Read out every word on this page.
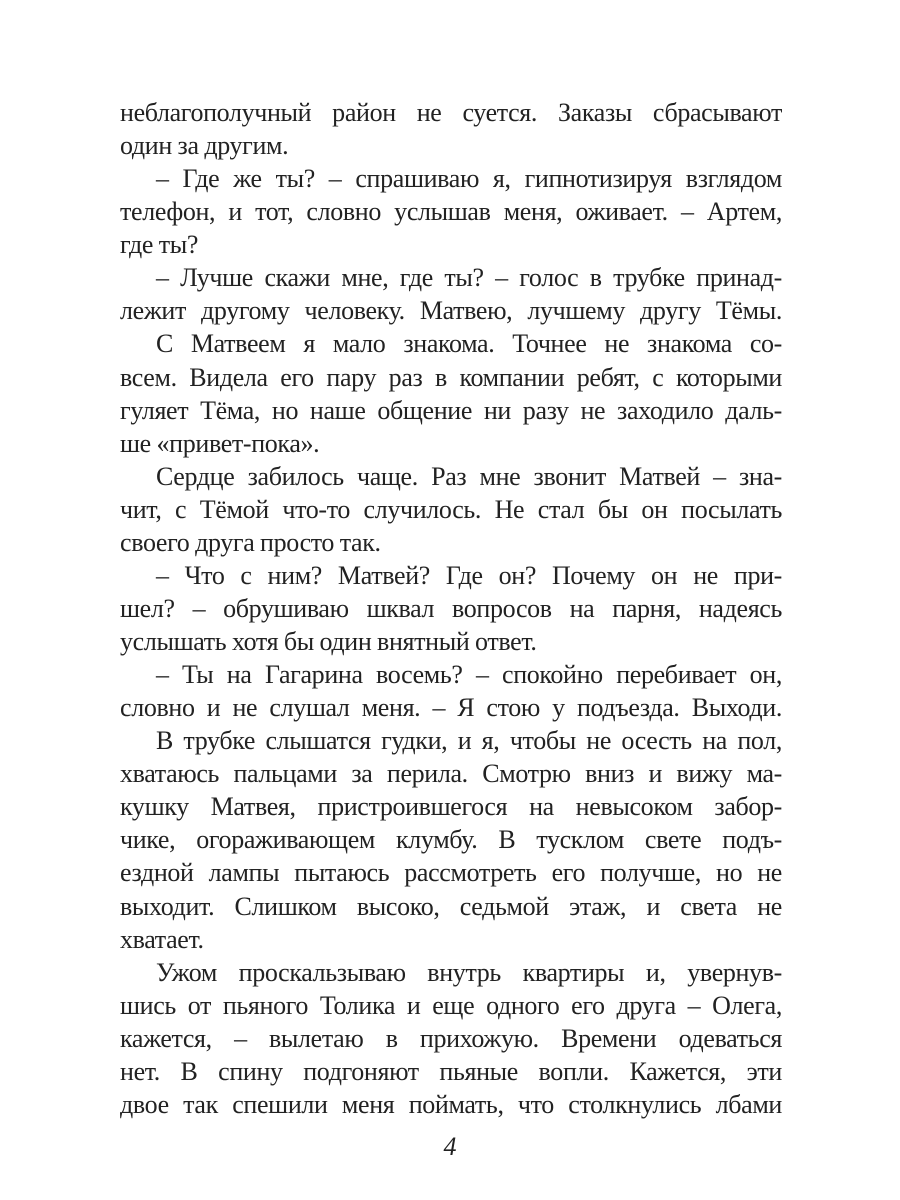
неблагополучный район не суется. Заказы сбрасывают
один за другим.
– Где же ты? – спрашиваю я, гипнотизируя взглядом
телефон, и тот, словно услышав меня, оживает. – Артем,
где ты?
– Лучше скажи мне, где ты? – голос в трубке принад-
лежит другому человеку. Матвею, лучшему другу Тёмы.
С Матвеем я мало знакома. Точнее не знакома со-
всем. Видела его пару раз в компании ребят, с которыми
гуляет Тёма, но наше общение ни разу не заходило даль-
ше «привет-пока».
Сердце забилось чаще. Раз мне звонит Матвей – зна-
чит, с Тёмой что-то случилось. Не стал бы он посылать
своего друга просто так.
– Что с ним? Матвей? Где он? Почему он не при-
шел? – обрушиваю шквал вопросов на парня, надеясь
услышать хотя бы один внятный ответ.
– Ты на Гагарина восемь? – спокойно перебивает он,
словно и не слушал меня. – Я стою у подъезда. Выходи.
В трубке слышатся гудки, и я, чтобы не осесть на пол,
хватаюсь пальцами за перила. Смотрю вниз и вижу ма-
кушку Матвея, пристроившегося на невысоком забор-
чике, огораживающем клумбу. В тусклом свете подъ-
ездной лампы пытаюсь рассмотреть его получше, но не
выходит. Слишком высоко, седьмой этаж, и света не
хватает.
Ужом проскальзываю внутрь квартиры и, увернув-
шись от пьяного Толика и еще одного его друга – Олега,
кажется, – вылетаю в прихожую. Времени одеваться
нет. В спину подгоняют пьяные вопли. Кажется, эти
двое так спешили меня поймать, что столкнулись лбами
4
